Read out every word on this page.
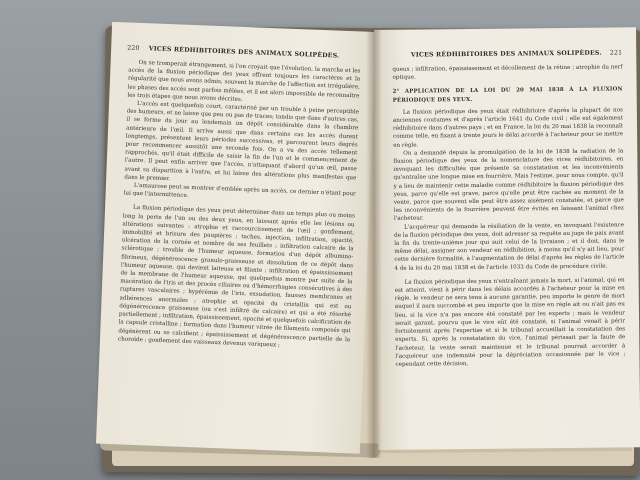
220	VICES RÉDHIBITOIRES DES ANIMAUX SOLIPÈDES.

On se tromperait étrangement, si l'on croyait que l'évolution, la marche et les accès de la fluxion périodique des yeux offrent toujours les caractères et la régularité que nous avons admis, souvent la marche de l'affection est irrégulière, les phases des accès sont parfois mêlées, et il est alors impossible de reconnaître les trois étapes que nous avons décrites.

L'accès est quelquefois court, caractérisé par un trouble à peine perceptible des humeurs, et ne laisse que peu ou pas de traces; tandis que dans d'autres cas, il se forme du jour au lendemain un dépôt considérable dans la chambre antérieure de l'œil. Il arrive aussi que dans certains cas les accès durent longtemps, présentent leurs périodes successives, et parcourent leurs degrés pour recommencer aussitôt une seconde fois. On a vu des accès tellement rapprochés, qu'il était difficile de saisir la fin de l'un et le commencement de l'autre. Il peut enfin arriver que l'accès, n'attaquant d'abord qu'un œil, passe avant sa disparition à l'autre, et lui laisse des altérations plus manifestes que dans le premier.

L'amaurose peut se montrer d'emblée après un accès, ce dernier n'étant pour lui que l'intermittence.

La fluxion périodique des yeux peut déterminer dans un temps plus ou moins long la perte de l'un ou des deux yeux, en laissant après elle les lésions ou altérations suivantes : atrophie et raccourcissement de l'œil ; gonflement, immobilité et brisure des paupières ; taches, injection, infiltration, opacité, ulcération de la cornée et nombre de ses feuillets ; infiltration calcaire de la sclérotique ; trouble de l'humeur aqueuse, formation d'un dépôt albumino-fibrineux, dégénérescence granulo-graisseuse et dissolution de ce dépôt dans l'humeur aqueuse, qui devient laiteuse et filante ; infiltration et épaississement de la membrane de l'humeur aqueuse, qui quelquefois montre par suite de la macération de l'iris et des procès ciliaires ou d'hémorrhagies consécutives à des ruptures vasculaires ; hypérémie de l'iris, exsudation, fausses membranes et adhérences anormales ; atrophie et opacité du cristallin qui est ou dégénérescence graisseuse (ou s'est infiltré de calcaire) et qui a été résorbé partiellement ; infiltration, épaississement, opacité et quelquefois calcification de la capsule cristalline ; formation dans l'humeur vitrée de filaments composés qui dégénèrent ou se calcifient ; épaississement et dégénérescence partielle de la choroïde ; gonflement des vaisseaux devenus variqueux ;

VICES RÉDHIBITOIRES DES ANIMAUX SOLIPÈDES.	221

queux ; infiltration, épaississement et décollement de la rétine ; atrophie du nerf optique.

2° APPLICATION DE LA LOI DU 20 MAI 1838 À LA FLUXION PÉRIODIQUE DES YEUX.

La fluxion périodique des yeux était rédhibitoire d'après la plupart de nos anciennes coutumes et d'après l'article 1641 du Code civil ; elle est également rédhibitoire dans d'autres pays ; et en France, la loi du 20 mai 1838 la reconnaît comme telle, en fixant à trente jours le délai accordé à l'acheteur pour se mettre en règle.

On a demandé depuis la promulgation de la loi de 1838 la radiation de la fluxion périodique des yeux de la nomenclature des vices rédhibitoires, en invoquant les difficultés que présente sa constatation et les inconvénients qu'entraîne une longue mise en fourrière. Mais l'estime, pour nous compte, qu'il y a lieu de maintenir cette maladie comme rédhibitoire la fluxion périodique des yeux, parce qu'elle est grave, parce qu'elle peut être cachée au moment de la vente, parce que souvent elle peut être assez aisément constatée, et parce que les inconvénients de la fourrière peuvent être évités en laissant l'animal chez l'acheteur.

L'acquéreur qui demande la résiliation de la vente, en invoquant l'existence de la fluxion périodique des yeux, doit adresser sa requête au juge de paix avant la fin du trente-unième jour qui suit celui de la livraison ; et il doit, dans le même délai, assigner son vendeur en rédhibition, à moins qu'il n'y ait lieu, pour cette dernière formalité, à l'augmentation de délai d'après les règles de l'article 4 de la loi du 20 mai 1838 et de l'article 1033 du Code de procédure civile.

La fluxion périodique des yeux n'entraînant jamais la mort, si l'animal, qui en est atteint, vient à périr dans les délais accordés à l'acheteur pour la mise en règle, le vendeur ne sera tenu à aucune garantie, peu importe le genre de mort auquel il aura succombé et peu importe que la mise en règle ait ou n'ait pas eu lieu, si la vice n'a pas encore été constaté par les experts ; mais le vendeur serait garant, pourvu que le vice eût été constaté, si l'animal venait à périr fortuitement après l'expertise et si le tribunal accueillait la constatation des experts. Si, après la constatation du vice, l'animal périssait par la faute de l'acheteur, la vente serait maintenue et le tribunal pourrait accorder à l'acquéreur une indemnité pour la dépréciation occasionnée par le vice ; cependant cette décision,
